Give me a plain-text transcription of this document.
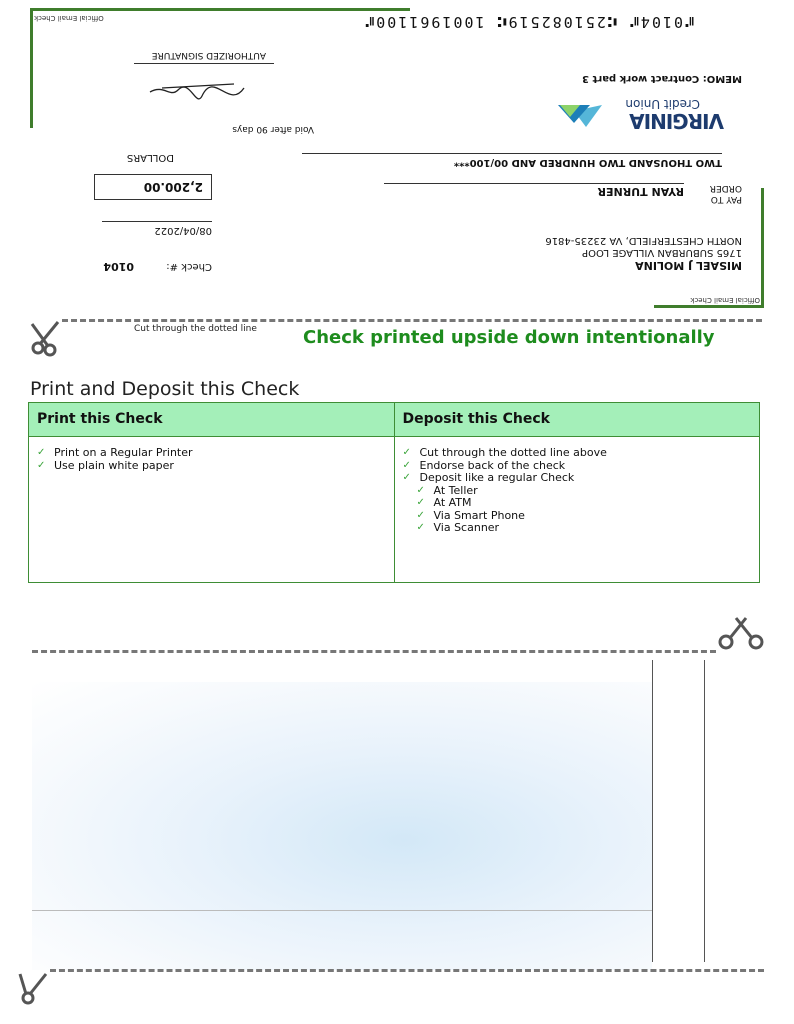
Official Email Check
Official Email Check
MISAEL J MOLINA
1765 SUBURBAN VILLAGE LOOP
NORTH CHESTERFIELD, VA 23235-4816
Check #:
0104
08/04/2022
2,200.00
PAY TO
ORDER
RYAN TURNER
TWO THOUSAND TWO HUNDRED AND 00/100***
DOLLARS
Credit Union
VIRGINIA
MEMO: Contract work part 3
Void after 90 days
AUTHORIZED SIGNATURE
⑈0104⑈ ⑆251082519⑆ 1001961100⑈
Cut through the dotted line	Check printed upside down intentionally
Print and Deposit this Check
Print this Check
✓ Print on a Regular Printer
✓ Use plain white paper
Deposit this Check
✓ Cut through the dotted line above
✓ Endorse back of the check
✓ Deposit like a regular Check
✓ At Teller
✓ At ATM
✓ Via Smart Phone
✓ Via Scanner
